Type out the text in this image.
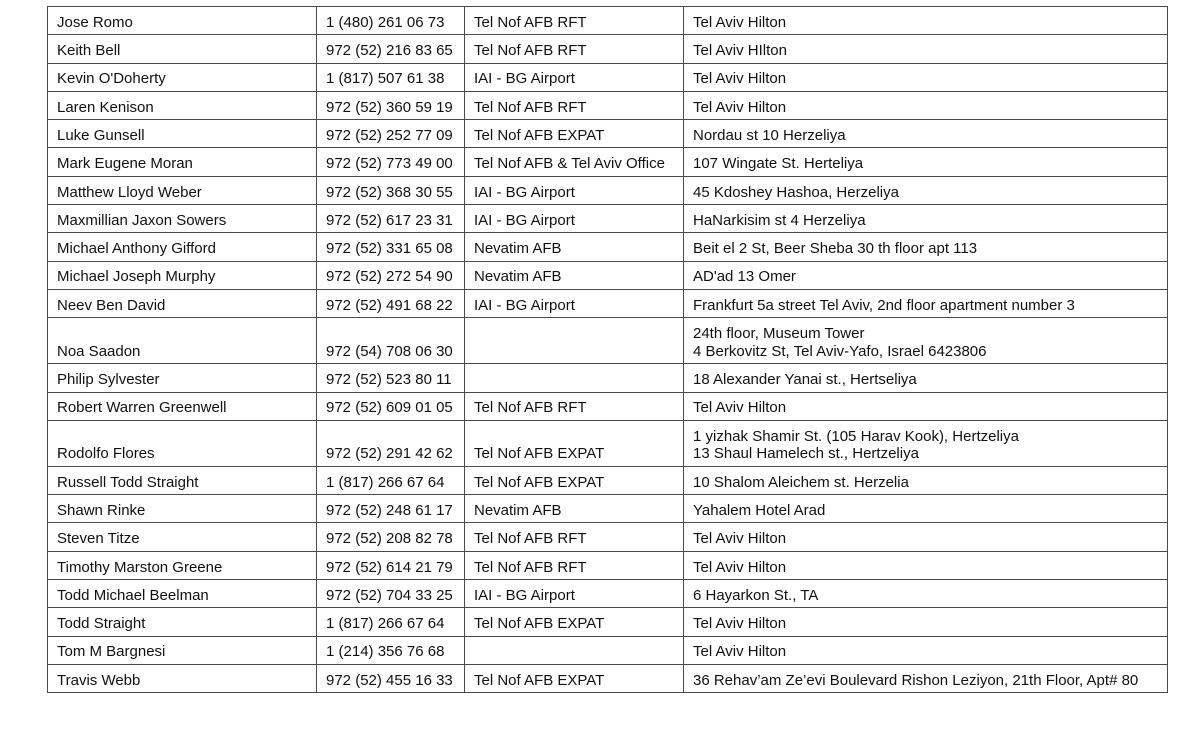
Jose Romo	1 (480) 261 06 73	Tel Nof AFB RFT	Tel Aviv Hilton

Keith Bell	972 (52) 216 83 65	Tel Nof AFB RFT	Tel Aviv HIlton

Kevin O'Doherty	1 (817) 507 61 38	IAI - BG Airport	Tel Aviv Hilton

Laren Kenison	972 (52) 360 59 19	Tel Nof AFB RFT	Tel Aviv Hilton

Luke Gunsell	972 (52) 252 77 09	Tel Nof AFB EXPAT	Nordau st 10 Herzeliya

Mark Eugene Moran	972 (52) 773 49 00	Tel Nof AFB & Tel Aviv Office	107 Wingate St. Herteliya

Matthew Lloyd Weber	972 (52) 368 30 55	IAI - BG Airport	45 Kdoshey Hashoa, Herzeliya

Maxmillian Jaxon Sowers	972 (52) 617 23 31	IAI - BG Airport	HaNarkisim st 4 Herzeliya

Michael Anthony Gifford	972 (52) 331 65 08	Nevatim AFB	Beit el 2 St, Beer Sheba 30 th floor apt 113

Michael Joseph Murphy	972 (52) 272 54 90	Nevatim AFB	AD'ad 13 Omer

Neev Ben David	972 (52) 491 68 22	IAI - BG Airport	Frankfurt 5a street Tel Aviv, 2nd floor apartment number 3

Noa Saadon	972 (54) 708 06 30		24th floor, Museum Tower
4 Berkovitz St, Tel Aviv-Yafo, Israel 6423806

Philip Sylvester	972 (52) 523 80 11		18 Alexander Yanai st., Hertseliya

Robert Warren Greenwell	972 (52) 609 01 05	Tel Nof AFB RFT	Tel Aviv Hilton

Rodolfo Flores	972 (52) 291 42 62	Tel Nof AFB EXPAT	1 yizhak Shamir St. (105 Harav Kook), Hertzeliya
13 Shaul Hamelech st., Hertzeliya

Russell Todd Straight	1 (817) 266 67 64	Tel Nof AFB EXPAT	10 Shalom Aleichem st. Herzelia

Shawn Rinke	972 (52) 248 61 17	Nevatim AFB	Yahalem Hotel Arad

Steven Titze	972 (52) 208 82 78	Tel Nof AFB RFT	Tel Aviv Hilton

Timothy Marston Greene	972 (52) 614 21 79	Tel Nof AFB RFT	Tel Aviv Hilton

Todd Michael Beelman	972 (52) 704 33 25	IAI - BG Airport	6 Hayarkon St., TA

Todd Straight	1 (817) 266 67 64	Tel Nof AFB EXPAT	Tel Aviv Hilton

Tom M Bargnesi	1 (214) 356 76 68		Tel Aviv Hilton

Travis Webb	972 (52) 455 16 33	Tel Nof AFB EXPAT	36 Rehav’am Ze’evi Boulevard Rishon Leziyon, 21th Floor, Apt# 80
